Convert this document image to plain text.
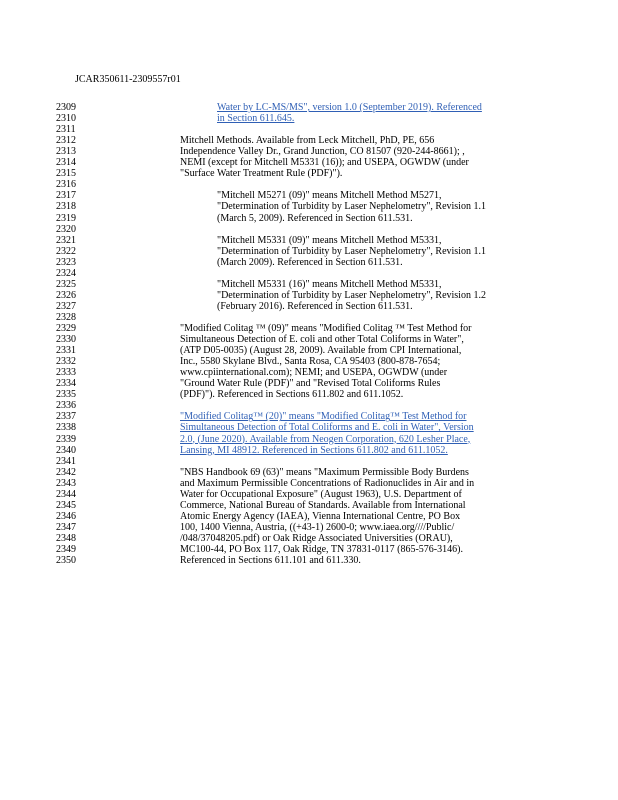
JCAR350611-2309557r01
2309	Water by LC-MS/MS", version 1.0 (September 2019). Referenced
2310	in Section 611.645.
2311
2312	Mitchell Methods. Available from Leck Mitchell, PhD, PE, 656
2313	Independence Valley Dr., Grand Junction, CO 81507 (920-244-8661); ,
2314	NEMI (except for Mitchell M5331 (16)); and USEPA, OGWDW (under
2315	"Surface Water Treatment Rule (PDF)").
2316
2317	"Mitchell M5271 (09)" means Mitchell Method M5271,
2318	"Determination of Turbidity by Laser Nephelometry", Revision 1.1
2319	(March 5, 2009). Referenced in Section 611.531.
2320
2321	"Mitchell M5331 (09)" means Mitchell Method M5331,
2322	"Determination of Turbidity by Laser Nephelometry", Revision 1.1
2323	(March 2009). Referenced in Section 611.531.
2324
2325	"Mitchell M5331 (16)" means Mitchell Method M5331,
2326	"Determination of Turbidity by Laser Nephelometry", Revision 1.2
2327	(February 2016). Referenced in Section 611.531.
2328
2329	"Modified Colitag ™ (09)" means "Modified Colitag ™ Test Method for
2330	Simultaneous Detection of E. coli and other Total Coliforms in Water",
2331	(ATP D05-0035) (August 28, 2009). Available from CPI International,
2332	Inc., 5580 Skylane Blvd., Santa Rosa, CA 95403 (800-878-7654;
2333	www.cpiinternational.com); NEMI; and USEPA, OGWDW (under
2334	"Ground Water Rule (PDF)" and "Revised Total Coliforms Rules
2335	(PDF)"). Referenced in Sections 611.802 and 611.1052.
2336
2337	"Modified Colitag™ (20)" means "Modified Colitag™ Test Method for
2338	Simultaneous Detection of Total Coliforms and E. coli in Water", Version
2339	2.0, (June 2020). Available from Neogen Corporation, 620 Lesher Place,
2340	Lansing, MI 48912. Referenced in Sections 611.802 and 611.1052.
2341
2342	"NBS Handbook 69 (63)" means "Maximum Permissible Body Burdens
2343	and Maximum Permissible Concentrations of Radionuclides in Air and in
2344	Water for Occupational Exposure" (August 1963), U.S. Department of
2345	Commerce, National Bureau of Standards. Available from International
2346	Atomic Energy Agency (IAEA), Vienna International Centre, PO Box
2347	100, 1400 Vienna, Austria, ((+43-1) 2600-0; www.iaea.org////Public/
2348	/048/37048205.pdf) or Oak Ridge Associated Universities (ORAU),
2349	MC100-44, PO Box 117, Oak Ridge, TN 37831-0117 (865-576-3146).
2350	Referenced in Sections 611.101 and 611.330.
